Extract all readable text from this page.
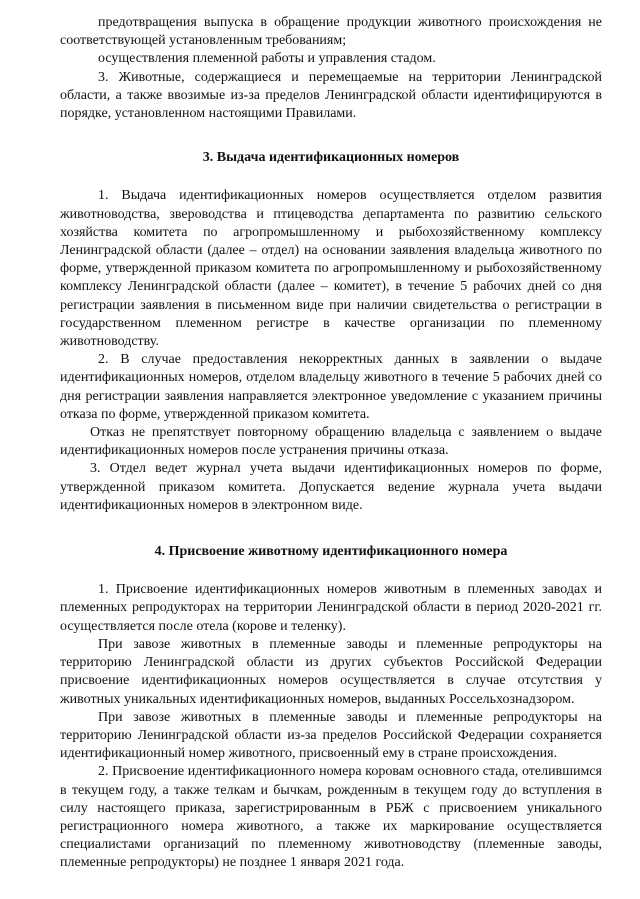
предотвращения выпуска в обращение продукции животного происхождения не соответствующей установленным требованиям;

осуществления племенной работы и управления стадом.

3. Животные, содержащиеся и перемещаемые на территории Ленинградской области, а также ввозимые из-за пределов Ленинградской области идентифицируются в порядке, установленном настоящими Правилами.

3. Выдача идентификационных номеров

1. Выдача идентификационных номеров осуществляется отделом развития животноводства, звероводства и птицеводства департамента по развитию сельского хозяйства комитета по агропромышленному и рыбохозяйственному комплексу Ленинградской области (далее – отдел) на основании заявления владельца животного по форме, утвержденной приказом комитета по агропромышленному и рыбохозяйственному комплексу Ленинградской области (далее – комитет), в течение 5 рабочих дней со дня регистрации заявления в письменном виде при наличии свидетельства о регистрации в государственном племенном регистре в качестве организации по племенному животноводству.

2. В случае предоставления некорректных данных в заявлении о выдаче идентификационных номеров, отделом владельцу животного в течение 5 рабочих дней со дня регистрации заявления направляется электронное уведомление с указанием причины отказа по форме, утвержденной приказом комитета.

Отказ не препятствует повторному обращению владельца с заявлением о выдаче идентификационных номеров после устранения причины отказа.

3. Отдел ведет журнал учета выдачи идентификационных номеров по форме, утвержденной приказом комитета. Допускается ведение журнала учета выдачи идентификационных номеров в электронном виде.

4. Присвоение животному идентификационного номера

1. Присвоение идентификационных номеров животным в племенных заводах и племенных репродукторах на территории Ленинградской области в период 2020-2021 гг. осуществляется после отела (корове и теленку).

При завозе животных в племенные заводы и племенные репродукторы на территорию Ленинградской области из других субъектов Российской Федерации присвоение идентификационных номеров осуществляется в случае отсутствия у животных уникальных идентификационных номеров, выданных Россельхознадзором.

При завозе животных в племенные заводы и племенные репродукторы на территорию Ленинградской области из-за пределов Российской Федерации сохраняется идентификационный номер животного, присвоенный ему в стране происхождения.

2. Присвоение идентификационного номера коровам основного стада, отелившимся в текущем году, а также телкам и бычкам, рожденным в текущем году до вступления в силу настоящего приказа, зарегистрированным в РБЖ с присвоением уникального регистрационного номера животного, а также их маркирование осуществляется специалистами организаций по племенному животноводству (племенные заводы, племенные репродукторы) не позднее 1 января 2021 года.
